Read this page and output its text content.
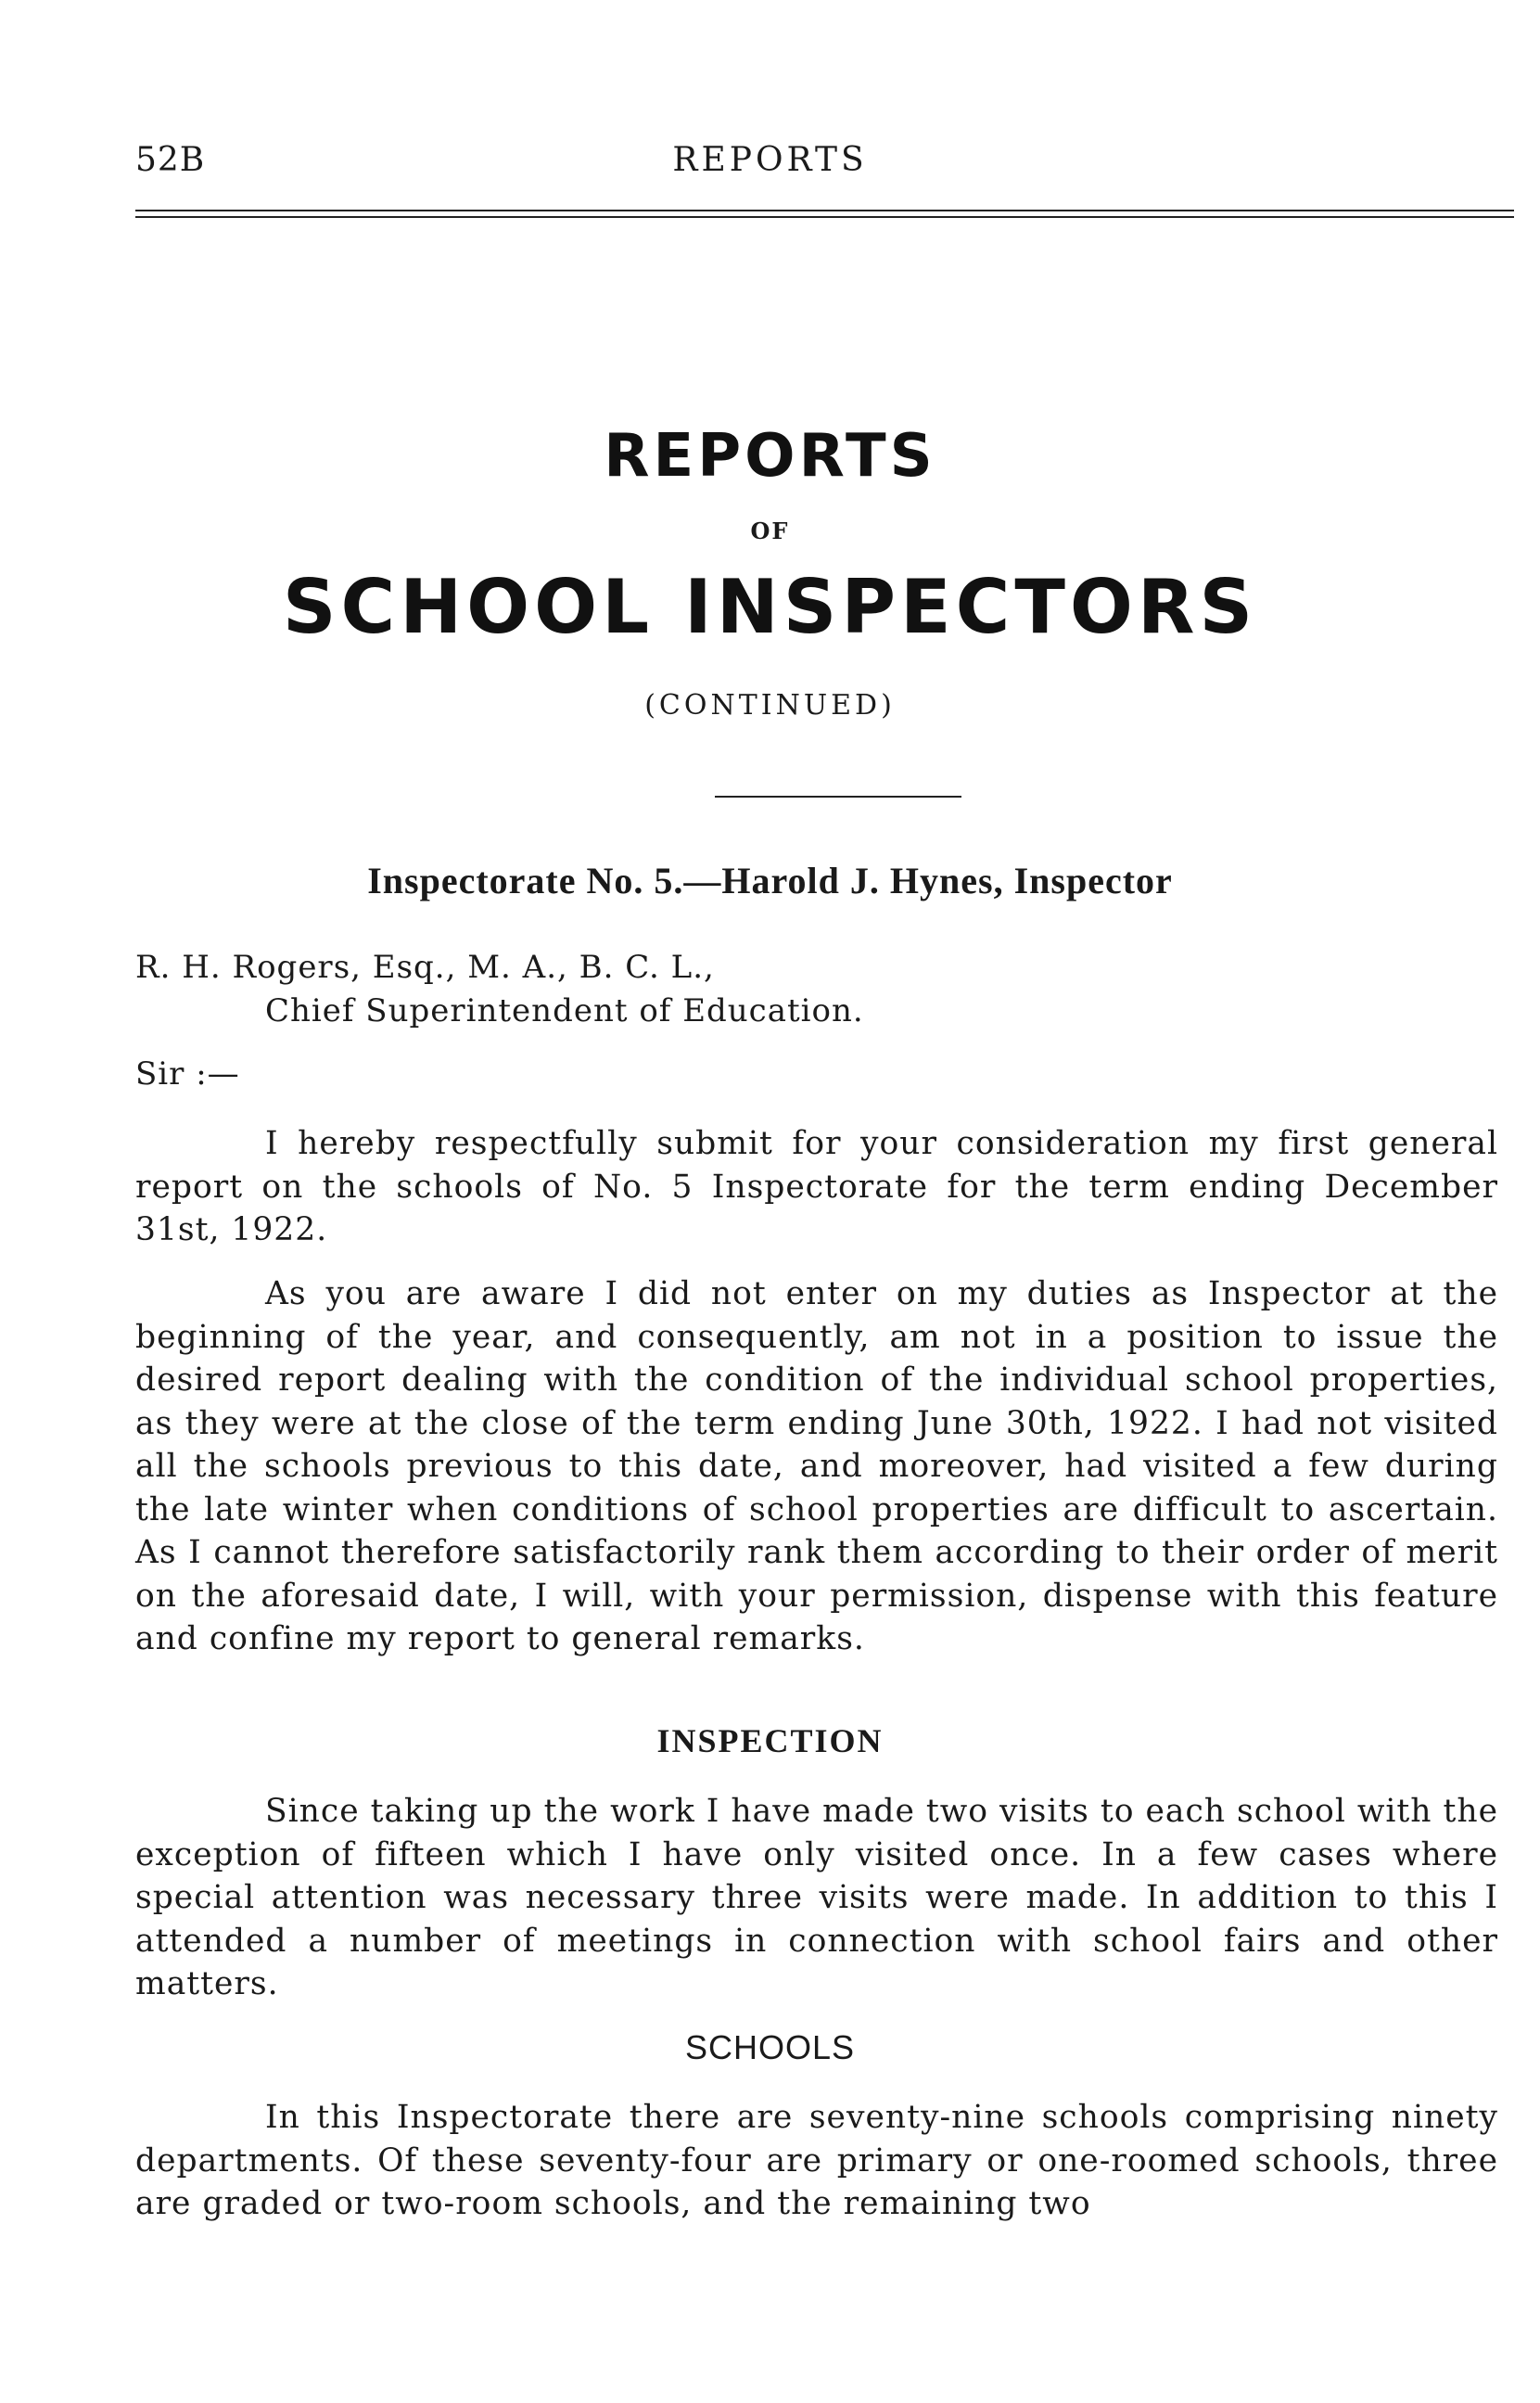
52B	REPORTS
REPORTS
OF
SCHOOL INSPECTORS
(CONTINUED)
Inspectorate No. 5.—Harold J. Hynes, Inspector
R. H. Rogers, Esq., M. A., B. C. L.,
Chief Superintendent of Education.
Sir :—

I hereby respectfully submit for your consideration my first general report on the schools of No. 5 Inspectorate for the term ending December 31st, 1922.

As you are aware I did not enter on my duties as Inspector at the beginning of the year, and consequently, am not in a position to issue the desired report dealing with the condition of the individual school properties, as they were at the close of the term ending June 30th, 1922. I had not visited all the schools previous to this date, and moreover, had visited a few during the late winter when conditions of school properties are difficult to ascertain. As I cannot therefore satisfactorily rank them according to their order of merit on the aforesaid date, I will, with your permission, dispense with this feature and confine my report to general remarks.

INSPECTION

Since taking up the work I have made two visits to each school with the exception of fifteen which I have only visited once. In a few cases where special attention was necessary three visits were made. In addition to this I attended a number of meetings in connection with school fairs and other matters.

SCHOOLS

In this Inspectorate there are seventy-nine schools comprising ninety departments. Of these seventy-four are primary or one-roomed schools, three are graded or two-room schools, and the remaining two
